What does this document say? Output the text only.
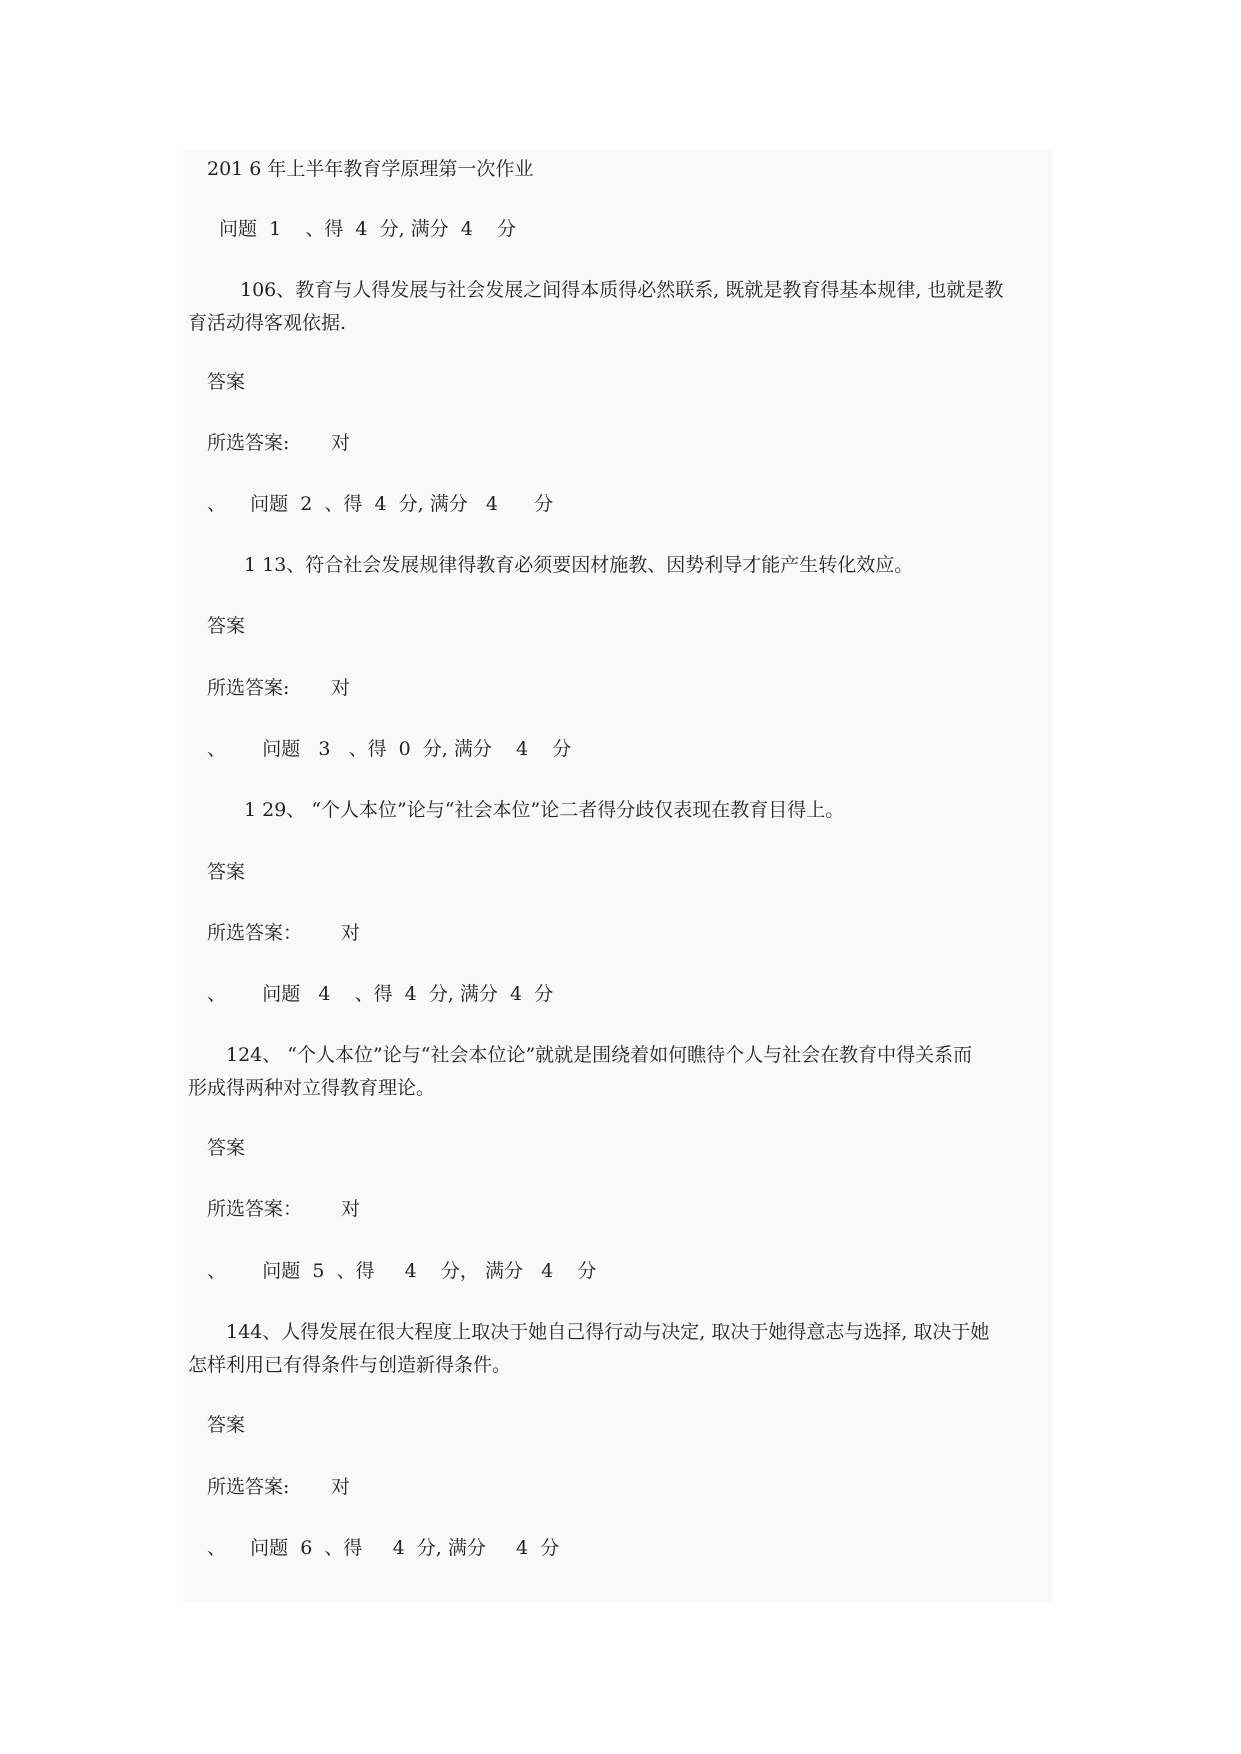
201 6 年上半年教育学原理第一次作业
问题  1    、得  4  分, 满分  4    分
106、教育与人得发展与社会发展之间得本质得必然联系, 既就是教育得基本规律, 也就是教
育活动得客观依据.
答案
所选答案: 对
、    问题  2  、得  4  分, 满分   4      分
1 13、符合社会发展规律得教育必须要因材施教、因势利导才能产生转化效应。
答案
所选答案: 对
、      问题   3   、得  0  分, 满分    4    分
1 29、 “个人本位”论与“社会本位”论二者得分歧仅表现在教育目得上。
答案
所选答案： 对
、      问题   4    、得  4  分, 满分  4  分
124、 “个人本位”论与“社会本位论”就就是围绕着如何瞧待个人与社会在教育中得关系而
形成得两种对立得教育理论。
答案
所选答案： 对
、      问题  5  、得     4    分， 满分   4    分
144、人得发展在很大程度上取决于她自己得行动与决定, 取决于她得意志与选择, 取决于她
怎样利用已有得条件与创造新得条件。
答案
所选答案: 对
、    问题  6  、得     4  分, 满分     4  分
